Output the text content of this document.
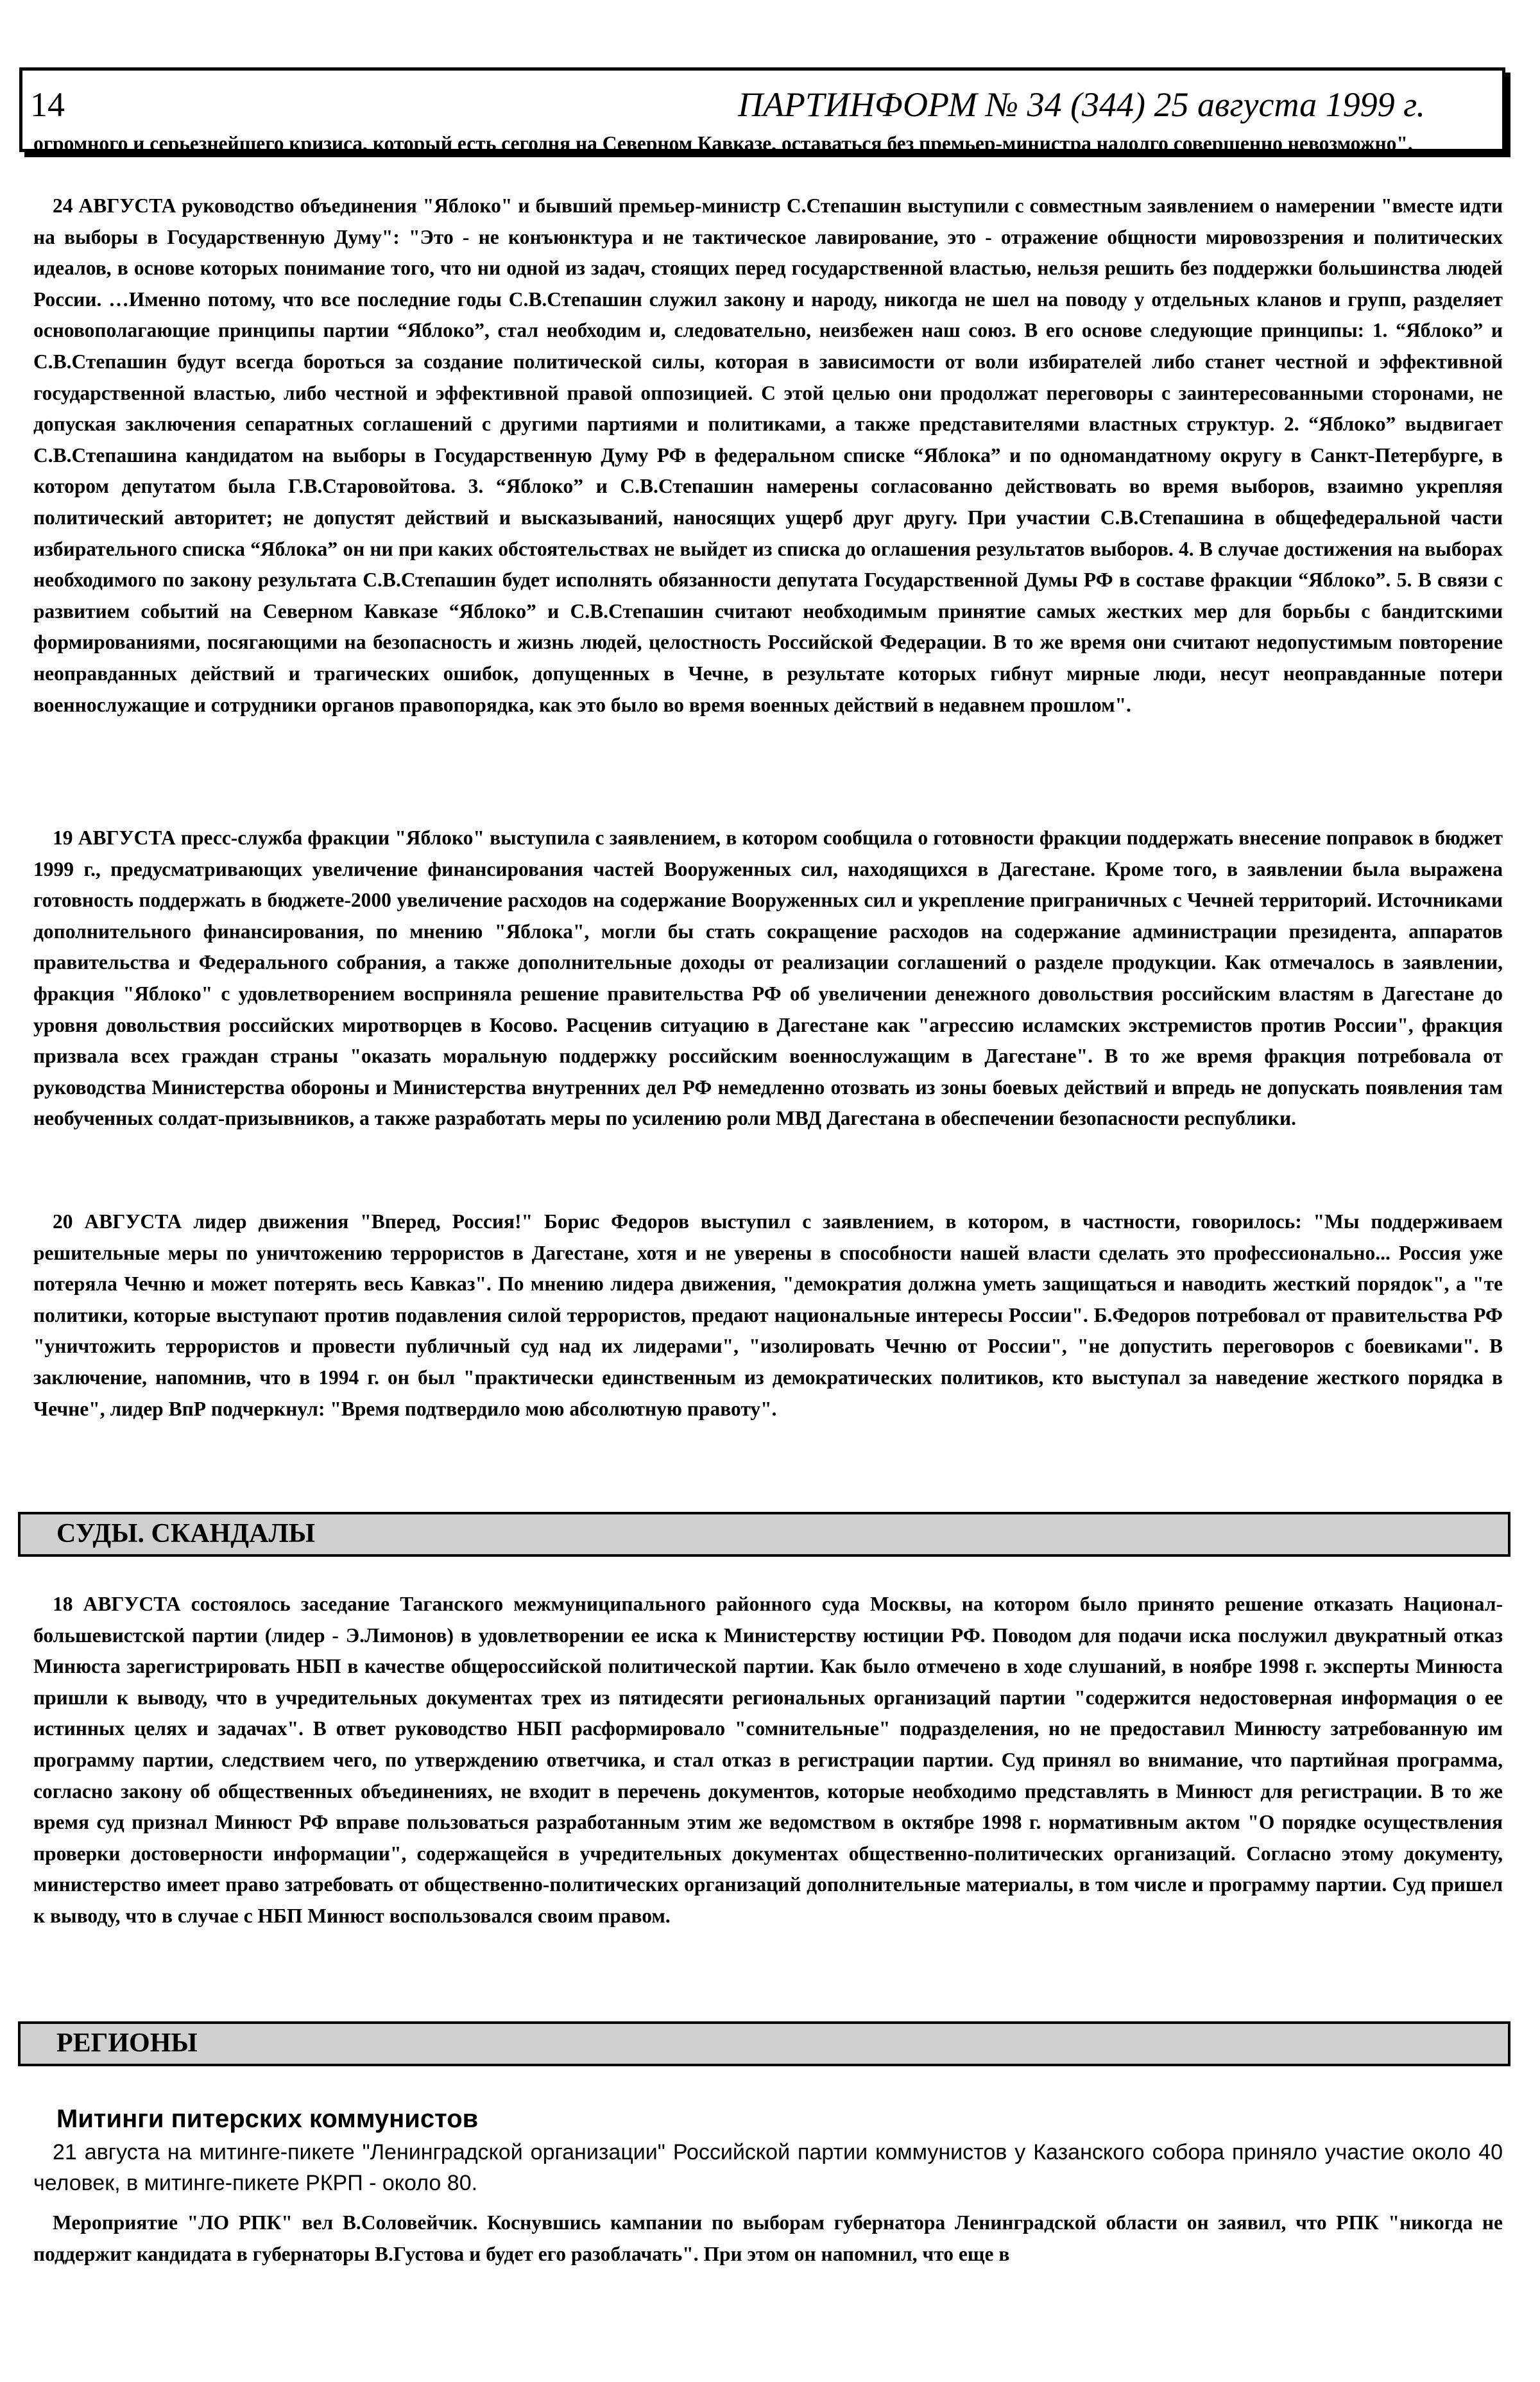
14	ПАРТИНФОРМ № 34 (344) 25 августа 1999 г.

огромного и серьезнейшего кризиса, который есть сегодня на Северном Кавказе, оставаться без премьер-министра надолго совершенно невозможно".

24 АВГУСТА руководство объединения "Яблоко" и бывший премьер-министр С.Степашин выступили с совместным заявлением о намерении "вместе идти на выборы в Государственную Думу": "Это - не конъюнктура и не тактическое лавирование, это - отражение общности мировоззрения и политических идеалов, в основе которых понимание того, что ни одной из задач, стоящих перед государственной властью, нельзя решить без поддержки большинства людей России. …Именно потому, что все последние годы С.В.Степашин служил закону и народу, никогда не шел на поводу у отдельных кланов и групп, разделяет основополагающие принципы партии “Яблоко”, стал необходим и, следовательно, неизбежен наш союз. В его основе следующие принципы: 1. “Яблоко” и С.В.Степашин будут всегда бороться за создание политической силы, которая в зависимости от воли избирателей либо станет честной и эффективной государственной властью, либо честной и эффективной правой оппозицией. С этой целью они продолжат переговоры с заинтересованными сторонами, не допуская заключения сепаратных соглашений с другими партиями и политиками, а также представителями властных структур. 2. “Яблоко” выдвигает С.В.Степашина кандидатом на выборы в Государственную Думу РФ в федеральном списке “Яблока” и по одномандатному округу в Санкт-Петербурге, в котором депутатом была Г.В.Старовойтова. 3. “Яблоко” и С.В.Степашин намерены согласованно действовать во время выборов, взаимно укрепляя политический авторитет; не допустят действий и высказываний, наносящих ущерб друг другу. При участии С.В.Степашина в общефедеральной части избирательного списка “Яблока” он ни при каких обстоятельствах не выйдет из списка до оглашения результатов выборов. 4. В случае достижения на выборах необходимого по закону результата С.В.Степашин будет исполнять обязанности депутата Государственной Думы РФ в составе фракции “Яблоко”. 5. В связи с развитием событий на Северном Кавказе “Яблоко” и С.В.Степашин считают необходимым принятие самых жестких мер для борьбы с бандитскими формированиями, посягающими на безопасность и жизнь людей, целостность Российской Федерации. В то же время они считают недопустимым повторение неоправданных действий и трагических ошибок, допущенных в Чечне, в результате которых гибнут мирные люди, несут неоправданные потери военнослужащие и сотрудники органов правопорядка, как это было во время военных действий в недавнем прошлом".

19 АВГУСТА пресс-служба фракции "Яблоко" выступила с заявлением, в котором сообщила о готовности фракции поддержать внесение поправок в бюджет 1999 г., предусматривающих увеличение финансирования частей Вооруженных сил, находящихся в Дагестане. Кроме того, в заявлении была выражена готовность поддержать в бюджете-2000 увеличение расходов на содержание Вооруженных сил и укрепление приграничных с Чечней территорий. Источниками дополнительного финансирования, по мнению "Яблока", могли бы стать сокращение расходов на содержание администрации президента, аппаратов правительства и Федерального собрания, а также дополнительные доходы от реализации соглашений о разделе продукции. Как отмечалось в заявлении, фракция "Яблоко" с удовлетворением восприняла решение правительства РФ об увеличении денежного довольствия российским властям в Дагестане до уровня довольствия российских миротворцев в Косово. Расценив ситуацию в Дагестане как "агрессию исламских экстремистов против России", фракция призвала всех граждан страны "оказать моральную поддержку российским военнослужащим в Дагестане". В то же время фракция потребовала от руководства Министерства обороны и Министерства внутренних дел РФ немедленно отозвать из зоны боевых действий и впредь не допускать появления там необученных солдат-призывников, а также разработать меры по усилению роли МВД Дагестана в обеспечении безопасности республики.

20 АВГУСТА лидер движения "Вперед, Россия!" Борис Федоров выступил с заявлением, в котором, в частности, говорилось: "Мы поддерживаем решительные меры по уничтожению террористов в Дагестане, хотя и не уверены в способности нашей власти сделать это профессионально... Россия уже потеряла Чечню и может потерять весь Кавказ". По мнению лидера движения, "демократия должна уметь защищаться и наводить жесткий порядок", а "те политики, которые выступают против подавления силой террористов, предают национальные интересы России". Б.Федоров потребовал от правительства РФ "уничтожить террористов и провести публичный суд над их лидерами", "изолировать Чечню от России", "не допустить переговоров с боевиками". В заключение, напомнив, что в 1994 г. он был "практически единственным из демократических политиков, кто выступал за наведение жесткого порядка в Чечне", лидер ВпР подчеркнул: "Время подтвердило мою абсолютную правоту".

СУДЫ. СКАНДАЛЫ

18 АВГУСТА состоялось заседание Таганского межмуниципального районного суда Москвы, на котором было принято решение отказать Национал-большевистской партии (лидер - Э.Лимонов) в удовлетворении ее иска к Министерству юстиции РФ. Поводом для подачи иска послужил двукратный отказ Минюста зарегистрировать НБП в качестве общероссийской политической партии. Как было отмечено в ходе слушаний, в ноябре 1998 г. эксперты Минюста пришли к выводу, что в учредительных документах трех из пятидесяти региональных организаций партии "содержится недостоверная информация о ее истинных целях и задачах". В ответ руководство НБП расформировало "сомнительные" подразделения, но не предоставил Минюсту затребованную им программу партии, следствием чего, по утверждению ответчика, и стал отказ в регистрации партии. Суд принял во внимание, что партийная программа, согласно закону об общественных объединениях, не входит в перечень документов, которые необходимо представлять в Минюст для регистрации. В то же время суд признал Минюст РФ вправе пользоваться разработанным этим же ведомством в октябре 1998 г. нормативным актом "О порядке осуществления проверки достоверности информации", содержащейся в учредительных документах общественно-политических организаций. Согласно этому документу, министерство имеет право затребовать от общественно-политических организаций дополнительные материалы, в том числе и программу партии. Суд пришел к выводу, что в случае с НБП Минюст воспользовался своим правом.

РЕГИОНЫ
Митинги питерских коммунистов

21 августа на митинге-пикете "Ленинградской организации" Российской партии коммунистов у Казанского собора приняло участие около 40 человек, в митинге-пикете РКРП - около 80.

Мероприятие "ЛО РПК" вел В.Соловейчик. Коснувшись кампании по выборам губернатора Ленинградской области он заявил, что РПК "никогда не поддержит кандидата в губернаторы В.Густова и будет его разоблачать". При этом он напомнил, что еще в
